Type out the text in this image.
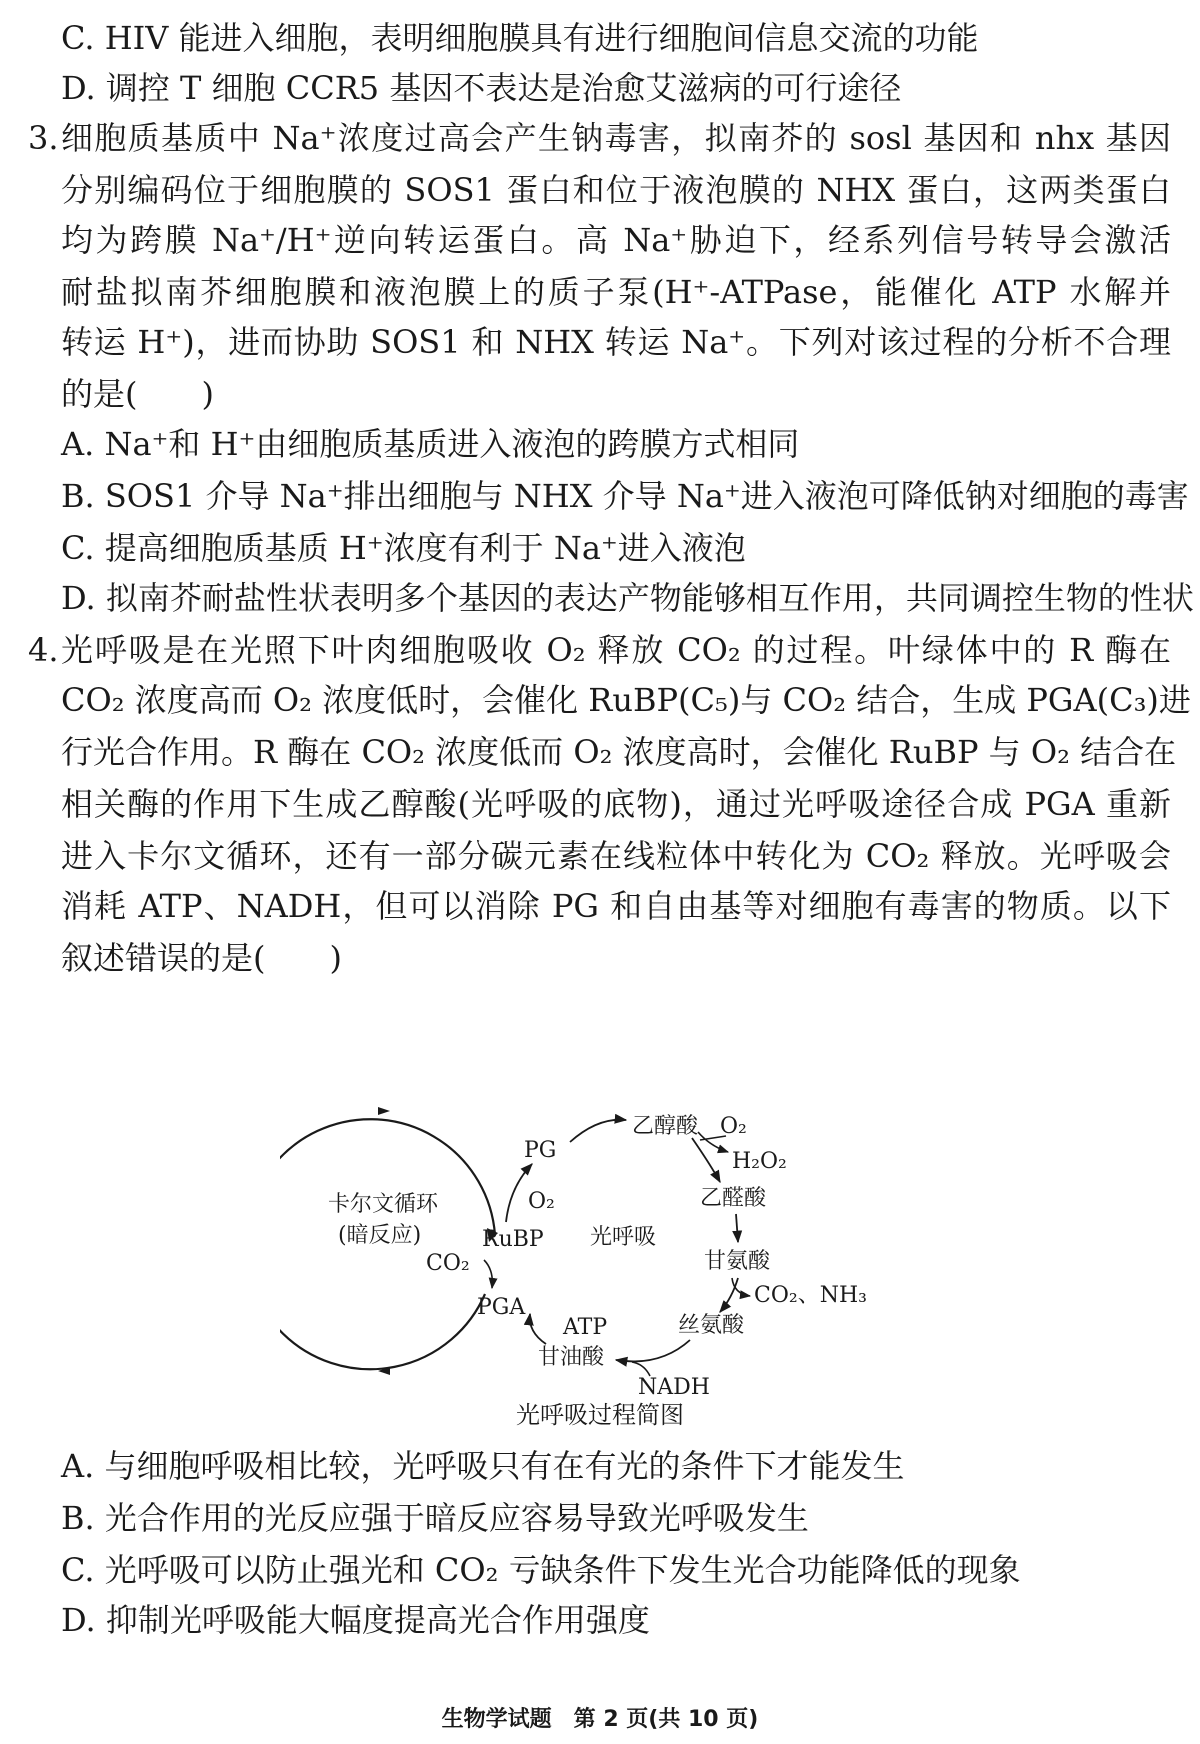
C. HIV 能进入细胞，表明细胞膜具有进行细胞间信息交流的功能
D. 调控 T 细胞 CCR5 基因不表达是治愈艾滋病的可行途径
3. 细胞质基质中 Na⁺浓度过高会产生钠毒害，拟南芥的 sosl 基因和 nhx 基因
分别编码位于细胞膜的 SOS1 蛋白和位于液泡膜的 NHX 蛋白，这两类蛋白
均为跨膜 Na⁺/H⁺逆向转运蛋白。高 Na⁺胁迫下，经系列信号转导会激活
耐盐拟南芥细胞膜和液泡膜上的质子泵(H⁺-ATPase，能催化 ATP 水解并
转运 H⁺)，进而协助 SOS1 和 NHX 转运 Na⁺。下列对该过程的分析不合理
的是(　　)
A. Na⁺和 H⁺由细胞质基质进入液泡的跨膜方式相同
B. SOS1 介导 Na⁺排出细胞与 NHX 介导 Na⁺进入液泡可降低钠对细胞的毒害
C. 提高细胞质基质 H⁺浓度有利于 Na⁺进入液泡
D. 拟南芥耐盐性状表明多个基因的表达产物能够相互作用，共同调控生物的性状
4. 光呼吸是在光照下叶肉细胞吸收 O₂ 释放 CO₂ 的过程。叶绿体中的 R 酶在
CO₂ 浓度高而 O₂ 浓度低时，会催化 RuBP(C₅)与 CO₂ 结合，生成 PGA(C₃)进
行光合作用。R 酶在 CO₂ 浓度低而 O₂ 浓度高时，会催化 RuBP 与 O₂ 结合在
相关酶的作用下生成乙醇酸(光呼吸的底物)，通过光呼吸途径合成 PGA 重新
进入卡尔文循环，还有一部分碳元素在线粒体中转化为 CO₂ 释放。光呼吸会
消耗 ATP、NADH，但可以消除 PG 和自由基等对细胞有毒害的物质。以下
叙述错误的是(　　)
卡尔文循环
(暗反应)	RuBP
PG
O₂
CO₂
PGA
光呼吸
乙醇酸 O₂
H₂O₂
乙醛酸
甘氨酸
CO₂、NH₃
丝氨酸
ATP
甘油酸
NADH
光呼吸过程简图
A. 与细胞呼吸相比较，光呼吸只有在有光的条件下才能发生
B. 光合作用的光反应强于暗反应容易导致光呼吸发生
C. 光呼吸可以防止强光和 CO₂ 亏缺条件下发生光合功能降低的现象
D. 抑制光呼吸能大幅度提高光合作用强度
生物学试题　第 2 页(共 10 页)
